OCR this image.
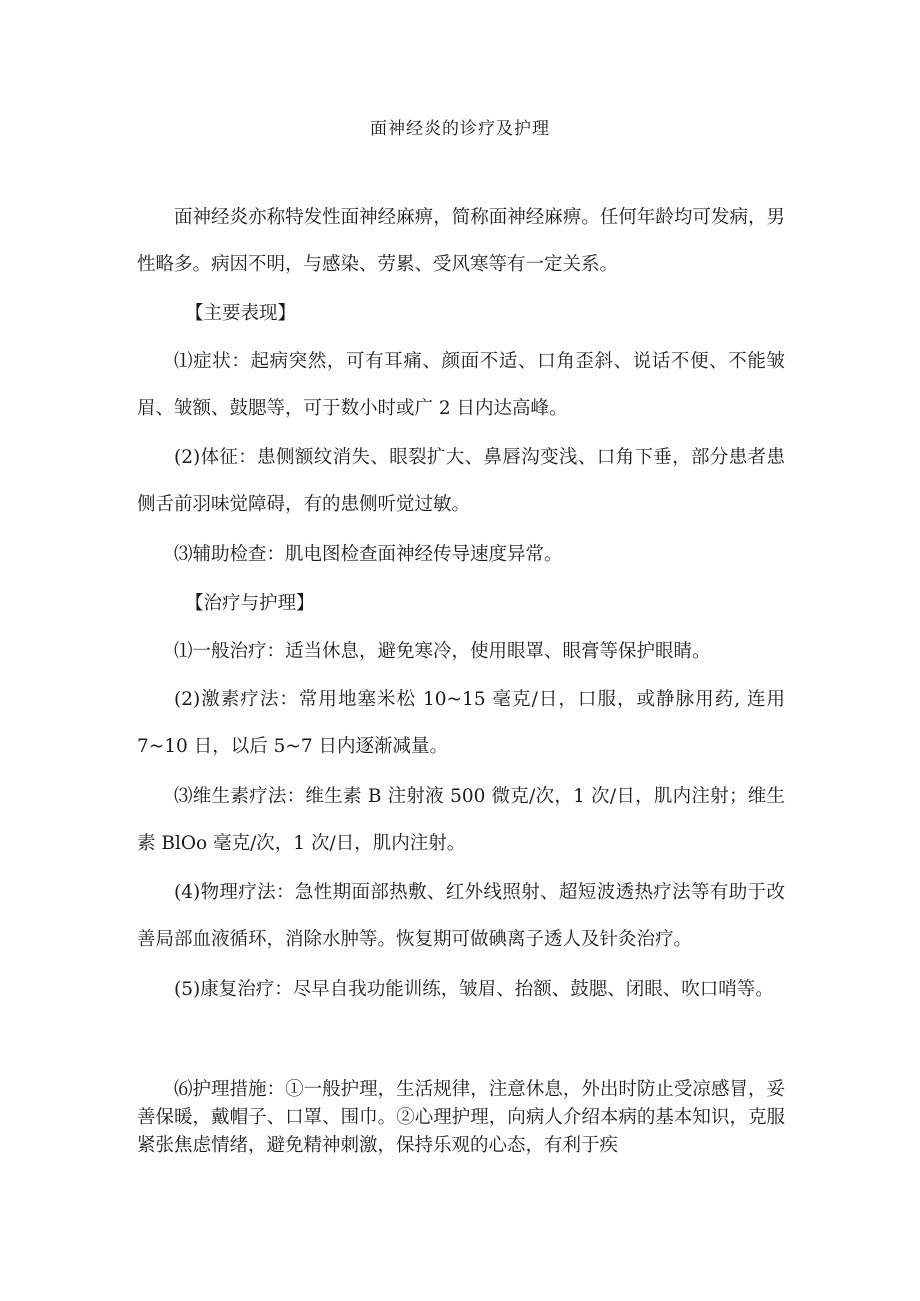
面神经炎的诊疗及护理

面神经炎亦称特发性面神经麻痹，简称面神经麻痹。任何年龄均可发病，男性略多。病因不明，与感染、劳累、受风寒等有一定关系。

【主要表现】

⑴症状：起病突然，可有耳痛、颜面不适、口角歪斜、说话不便、不能皱眉、皱额、鼓腮等，可于数小时或广 2 日内达高峰。

(2)体征：患侧额纹消失、眼裂扩大、鼻唇沟变浅、口角下垂，部分患者患侧舌前羽味觉障碍，有的患侧听觉过敏。

⑶辅助检查：肌电图检查面神经传导速度异常。

【治疗与护理】

⑴一般治疗：适当休息，避免寒冷，使用眼罩、眼膏等保护眼睛。

(2)激素疗法：常用地塞米松 10~15 毫克/日，口服，或静脉用药, 连用 7~10 日，以后 5~7 日内逐渐减量。

⑶维生素疗法：维生素 B 注射液 500 微克/次，1 次/日，肌内注射；维生素 BlOo 毫克/次，1 次/日，肌内注射。

(4)物理疗法：急性期面部热敷、红外线照射、超短波透热疗法等有助于改善局部血液循环，消除水肿等。恢复期可做碘离子透人及针灸治疗。

(5)康复治疗：尽早自我功能训练，皱眉、抬额、鼓腮、闭眼、吹口哨等。

⑹护理措施：①一般护理，生活规律，注意休息，外出时防止受凉感冒，妥善保暖，戴帽子、口罩、围巾。②心理护理，向病人介绍本病的基本知识，克服紧张焦虑情绪，避免精神刺激，保持乐观的心态，有利于疾
